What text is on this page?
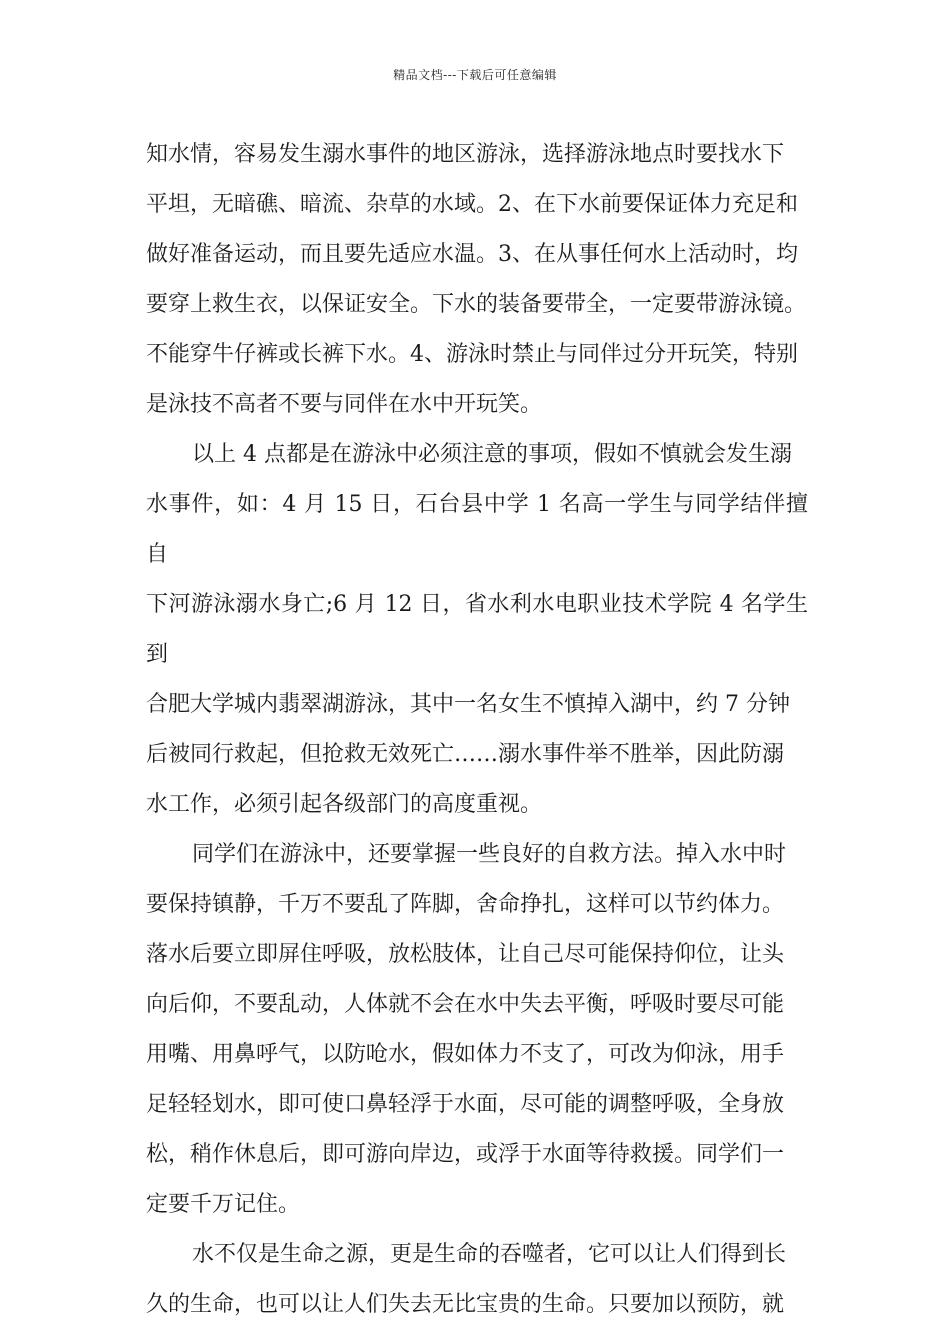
精品文档---下载后可任意编辑

知水情，容易发生溺水事件的地区游泳，选择游泳地点时要找水下
平坦，无暗礁、暗流、杂草的水域。2、在下水前要保证体力充足和
做好准备运动，而且要先适应水温。3、在从事任何水上活动时，均
要穿上救生衣，以保证安全。下水的装备要带全，一定要带游泳镜。
不能穿牛仔裤或长裤下水。4、游泳时禁止与同伴过分开玩笑，特别
是泳技不高者不要与同伴在水中开玩笑。

以上 4 点都是在游泳中必须注意的事项，假如不慎就会发生溺
水事件，如：4 月 15 日，石台县中学 1 名高一学生与同学结伴擅自
下河游泳溺水身亡;6 月 12 日，省水利水电职业技术学院 4 名学生到
合肥大学城内翡翠湖游泳，其中一名女生不慎掉入湖中，约 7 分钟
后被同行救起，但抢救无效死亡……溺水事件举不胜举，因此防溺
水工作，必须引起各级部门的高度重视。

同学们在游泳中，还要掌握一些良好的自救方法。掉入水中时
要保持镇静，千万不要乱了阵脚，舍命挣扎，这样可以节约体力。
落水后要立即屏住呼吸，放松肢体，让自己尽可能保持仰位，让头
向后仰，不要乱动，人体就不会在水中失去平衡，呼吸时要尽可能
用嘴、用鼻呼气，以防呛水，假如体力不支了，可改为仰泳，用手
足轻轻划水，即可使口鼻轻浮于水面，尽可能的调整呼吸，全身放
松，稍作休息后，即可游向岸边，或浮于水面等待救援。同学们一
定要千万记住。

水不仅是生命之源，更是生命的吞噬者，它可以让人们得到长
久的生命，也可以让人们失去无比宝贵的生命。只要加以预防，就
